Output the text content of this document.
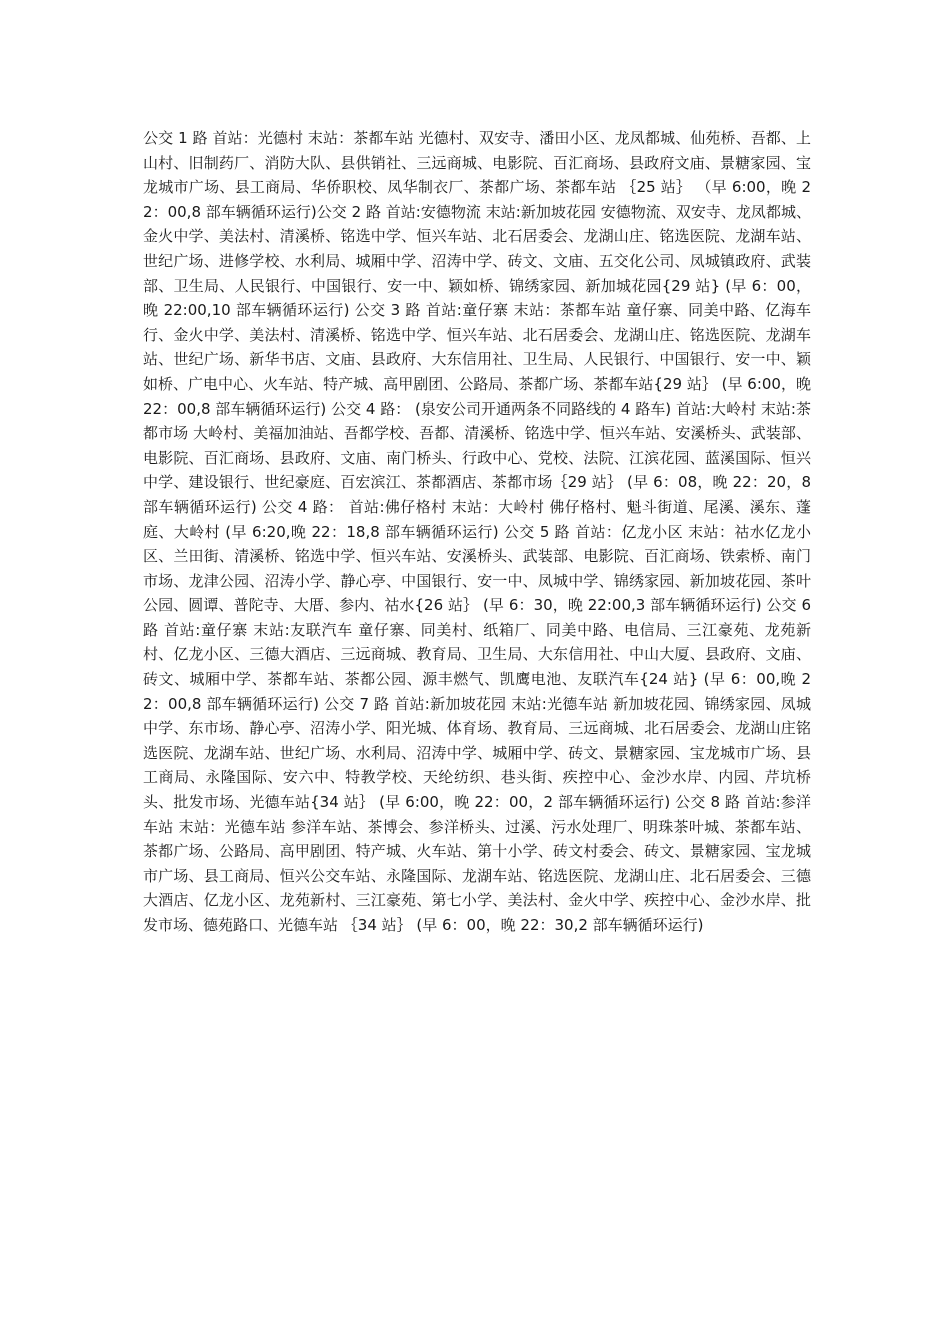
公交 1 路 首站：光德村 末站：茶都车站 光德村、双安寺、潘田小区、龙凤都城、仙苑桥、吾都、上山村、旧制药厂、消防大队、县供销社、三远商城、电影院、百汇商场、县政府文庙、景糖家园、宝龙城市广场、县工商局、华侨职校、凤华制衣厂、茶都广场、茶都车站 ｛25 站｝ （早 6:00，晚 22：00,8 部车辆循环运行)公交 2 路 首站:安德物流 末站:新加坡花园 安德物流、双安寺、龙凤都城、金火中学、美法村、清溪桥、铭选中学、恒兴车站、北石居委会、龙湖山庄、铭选医院、龙湖车站、世纪广场、进修学校、水利局、城厢中学、沼涛中学、砖文、文庙、五交化公司、凤城镇政府、武装部、卫生局、人民银行、中国银行、安一中、颖如桥、锦绣家园、新加城花园{29 站} (早 6：00，晚 22:00,10 部车辆循环运行) 公交 3 路 首站:童仔寨 末站：茶都车站 童仔寨、同美中路、亿海车行、金火中学、美法村、清溪桥、铭选中学、恒兴车站、北石居委会、龙湖山庄、铭选医院、龙湖车站、世纪广场、新华书店、文庙、县政府、大东信用社、卫生局、人民银行、中国银行、安一中、颖如桥、广电中心、火车站、特产城、高甲剧团、公路局、茶都广场、茶都车站{29 站｝ (早 6:00，晚 22：00,8 部车辆循环运行) 公交 4 路： (泉安公司开通两条不同路线的 4 路车) 首站:大岭村 末站:茶都市场 大岭村、美福加油站、吾都学校、吾都、清溪桥、铭选中学、恒兴车站、安溪桥头、武装部、电影院、百汇商场、县政府、文庙、南门桥头、行政中心、党校、法院、江滨花园、蓝溪国际、恒兴中学、建设银行、世纪豪庭、百宏滨江、茶都酒店、茶都市场｛29 站｝ (早 6：08，晚 22：20，8 部车辆循环运行) 公交 4 路： 首站:佛仔格村 末站：大岭村 佛仔格村、魁斗街道、尾溪、溪东、蓬庭、大岭村 (早 6:20,晚 22：18,8 部车辆循环运行) 公交 5 路 首站：亿龙小区 末站：祜水亿龙小区、兰田街、清溪桥、铭选中学、恒兴车站、安溪桥头、武装部、电影院、百汇商场、铁索桥、南门市场、龙津公园、沼涛小学、静心亭、中国银行、安一中、凤城中学、锦绣家园、新加坡花园、茶叶公园、圆谭、普陀寺、大厝、参内、祜水{26 站｝ (早 6：30，晚 22:00,3 部车辆循环运行) 公交 6 路 首站:童仔寨 末站:友联汽车 童仔寨、同美村、纸箱厂、同美中路、电信局、三江豪苑、龙苑新村、亿龙小区、三德大酒店、三远商城、教育局、卫生局、大东信用社、中山大厦、县政府、文庙、砖文、城厢中学、茶都车站、茶都公园、源丰燃气、凯鹰电池、友联汽车{24 站} (早 6：00,晚 22：00,8 部车辆循环运行) 公交 7 路 首站:新加坡花园 末站:光德车站 新加坡花园、锦绣家园、凤城中学、东市场、静心亭、沼涛小学、阳光城、体育场、教育局、三远商城、北石居委会、龙湖山庄铭选医院、龙湖车站、世纪广场、水利局、沼涛中学、城厢中学、砖文、景糖家园、宝龙城市广场、县工商局、永隆国际、安六中、特教学校、天纶纺织、巷头街、疾控中心、金沙水岸、内园、芹坑桥头、批发市场、光德车站{34 站｝ (早 6:00，晚 22：00，2 部车辆循环运行) 公交 8 路 首站:参洋车站 末站：光德车站 参洋车站、茶博会、参洋桥头、过溪、污水处理厂、明珠茶叶城、茶都车站、茶都广场、公路局、高甲剧团、特产城、火车站、第十小学、砖文村委会、砖文、景糖家园、宝龙城市广场、县工商局、恒兴公交车站、永隆国际、龙湖车站、铭选医院、龙湖山庄、北石居委会、三德大酒店、亿龙小区、龙苑新村、三江豪苑、第七小学、美法村、金火中学、疾控中心、金沙水岸、批发市场、德苑路口、光德车站 ｛34 站｝ (早 6：00，晚 22：30,2 部车辆循环运行)
